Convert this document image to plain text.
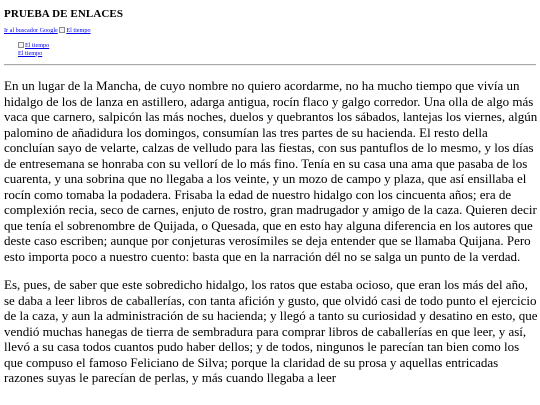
PRUEBA DE ENLACES
Ir al buscador Google El tiempo
El tiempo
El tiempo

En un lugar de la Mancha, de cuyo nombre no quiero acordarme, no ha mucho tiempo que vivía un hidalgo de los de lanza en astillero, adarga antigua, rocín flaco y galgo corredor. Una olla de algo más vaca que carnero, salpicón las más noches, duelos y quebrantos los sábados, lantejas los viernes, algún palomino de añadidura los domingos, consumían las tres partes de su hacienda. El resto della concluían sayo de velarte, calzas de velludo para las fiestas, con sus pantuflos de lo mesmo, y los días de entresemana se honraba con su vellorí de lo más fino. Tenía en su casa una ama que pasaba de los cuarenta, y una sobrina que no llegaba a los veinte, y un mozo de campo y plaza, que así ensillaba el rocín como tomaba la podadera. Frisaba la edad de nuestro hidalgo con los cincuenta años; era de complexión recia, seco de carnes, enjuto de rostro, gran madrugador y amigo de la caza. Quieren decir que tenía el sobrenombre de Quijada, o Quesada, que en esto hay alguna diferencia en los autores que deste caso escriben; aunque por conjeturas verosímiles se deja entender que se llamaba Quijana. Pero esto importa poco a nuestro cuento: basta que en la narración dél no se salga un punto de la verdad.

Es, pues, de saber que este sobredicho hidalgo, los ratos que estaba ocioso, que eran los más del año, se daba a leer libros de caballerías, con tanta afición y gusto, que olvidó casi de todo punto el ejercicio de la caza, y aun la administración de su hacienda; y llegó a tanto su curiosidad y desatino en esto, que vendió muchas hanegas de tierra de sembradura para comprar libros de caballerías en que leer, y así, llevó a su casa todos cuantos pudo haber dellos; y de todos, ningunos le parecían tan bien como los que compuso el famoso Feliciano de Silva; porque la claridad de su prosa y aquellas entricadas razones suyas le parecían de perlas, y más cuando llegaba a leer
